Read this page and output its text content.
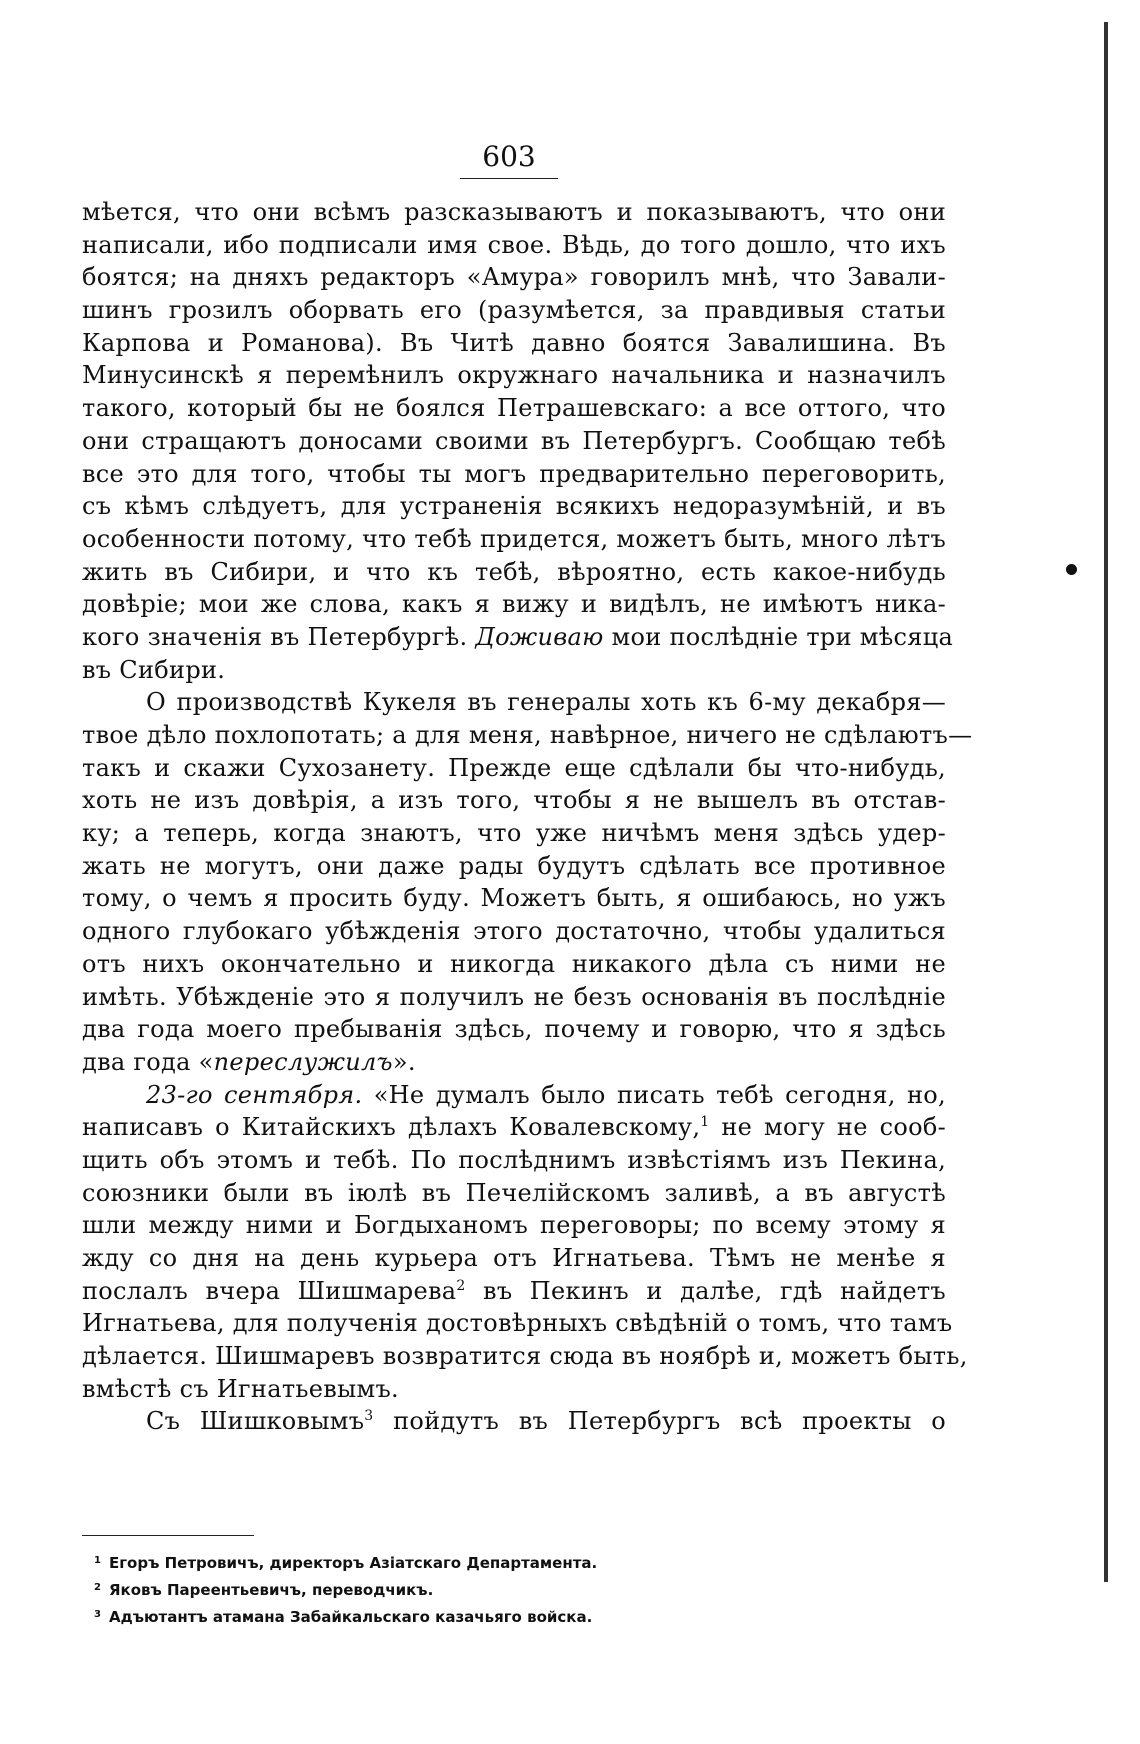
603
мѣется, что они всѣмъ разсказываютъ и показываютъ, что они
написали, ибо подписали имя свое. Вѣдь, до того дошло, что ихъ
боятся; на дняхъ редакторъ «Амура» говорилъ мнѣ, что Завали-
шинъ грозилъ оборвать его (разумѣется, за правдивыя статьи
Карпова и Романова). Въ Читѣ давно боятся Завалишина. Въ
Минусинскѣ я перемѣнилъ окружнаго начальника и назначилъ
такого, который бы не боялся Петрашевскаго: а все оттого, что
они стращаютъ доносами своими въ Петербургъ. Сообщаю тебѣ
все это для того, чтобы ты могъ предварительно переговорить,
съ кѣмъ слѣдуетъ, для устраненія всякихъ недоразумѣній, и въ
особенности потому, что тебѣ придется, можетъ быть, много лѣтъ
жить въ Сибири, и что къ тебѣ, вѣроятно, есть какое-нибудь
довѣріе; мои же слова, какъ я вижу и видѣлъ, не имѣютъ ника-
кого значенія въ Петербургѣ. Доживаю мои послѣдніе три мѣсяца
въ Сибири.
О производствѣ Кукеля въ генералы хоть къ 6-му декабря—
твое дѣло похлопотать; а для меня, навѣрное, ничего не сдѣлаютъ—
такъ и скажи Сухозанету. Прежде еще сдѣлали бы что-нибудь,
хоть не изъ довѣрія, а изъ того, чтобы я не вышелъ въ отстав-
ку; а теперь, когда знаютъ, что уже ничѣмъ меня здѣсь удер-
жать не могутъ, они даже рады будутъ сдѣлать все противное
тому, о чемъ я просить буду. Можетъ быть, я ошибаюсь, но ужъ
одного глубокаго убѣжденія этого достаточно, чтобы удалиться
отъ нихъ окончательно и никогда никакого дѣла съ ними не
имѣть. Убѣжденіе это я получилъ не безъ основанія въ послѣдніе
два года моего пребыванія здѣсь, почему и говорю, что я здѣсь
два года «переслужилъ».
23-го сентября. «Не думалъ было писать тебѣ сегодня, но,
написавъ о Китайскихъ дѣлахъ Ковалевскому,$^1$ не могу не сооб-
щить объ этомъ и тебѣ. По послѣднимъ извѣстіямъ изъ Пекина,
союзники были въ іюлѣ въ Печелійскомъ заливѣ, а въ августѣ
шли между ними и Богдыханомъ переговоры; по всему этому я
жду со дня на день курьера отъ Игнатьева. Тѣмъ не менѣе я
послалъ вчера Шишмарева$^2$ въ Пекинъ и далѣе, гдѣ найдетъ
Игнатьева, для полученія достовѣрныхъ свѣдѣній о томъ, что тамъ
дѣлается. Шишмаревъ возвратится сюда въ ноябрѣ и, можетъ быть,
вмѣстѣ съ Игнатьевымъ.
Съ Шишковымъ$^3$ пойдутъ въ Петербургъ всѣ проекты о
$^1$ Егоръ Петровичъ, директоръ Азіатскаго Департамента.
$^2$ Яковъ Пареентьевичъ, переводчикъ.
$^3$ Адъютантъ атамана Забайкальскаго казачьяго войска.
